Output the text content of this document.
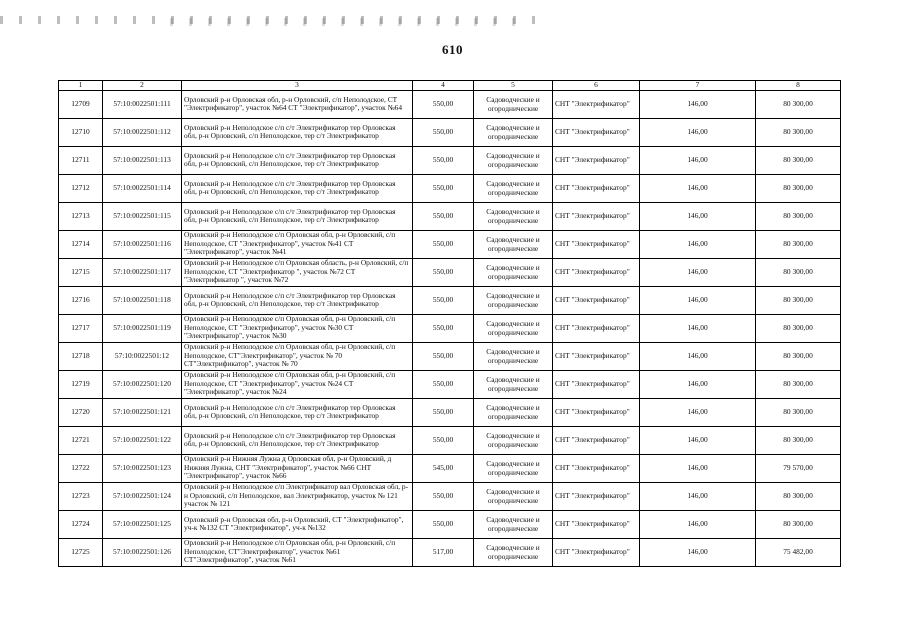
610
1	2	3	4	5	6	7	8
12709	57:10:0022501:111	Орловский р-н Орловская обл, р-н Орловский, с/п Неполодское, СТ "Электрификатор", участок №64 СТ "Электрификатор", участок №64	550,00	Садоводческие и огороднические	СНТ "Электрификатор"	146,00	80 300,00
12710	57:10:0022501:112	Орловский р-н Неполодское с/п с/т Электрификатор тер Орловская обл, р-н Орловский, с/п Неполодское, тер с/т Электрификатор	550,00	Садоводческие и огороднические	СНТ "Электрификатор"	146,00	80 300,00
12711	57:10:0022501:113	Орловский р-н Неполодское с/п с/т Электрификатор тер Орловская обл, р-н Орловский, с/п Неполодское, тер с/т Электрификатор	550,00	Садоводческие и огороднические	СНТ "Электрификатор"	146,00	80 300,00
12712	57:10:0022501:114	Орловский р-н Неполодское с/п с/т Электрификатор тер Орловская обл, р-н Орловский, с/п Неполодское, тер с/т Электрификатор	550,00	Садоводческие и огороднические	СНТ "Электрификатор"	146,00	80 300,00
12713	57:10:0022501:115	Орловский р-н Неполодское с/п с/т Электрификатор тер Орловская обл, р-н Орловский, с/п Неполодское, тер с/т Электрификатор	550,00	Садоводческие и огороднические	СНТ "Электрификатор"	146,00	80 300,00
12714	57:10:0022501:116	Орловский р-н Неполодское с/п Орловская обл, р-н Орловский, с/п Неполодское, СТ "Электрификатор", участок №41 СТ "Электрификатор", участок №41	550,00	Садоводческие и огороднические	СНТ "Электрификатор"	146,00	80 300,00
12715	57:10:0022501:117	Орловский р-н Неполодское с/п Орловская область, р-н Орловский, с/п Неполодское, СТ "Электрификатор ", участок №72 СТ "Электрификатор ", участок №72	550,00	Садоводческие и огороднические	СНТ "Электрификатор"	146,00	80 300,00
12716	57:10:0022501:118	Орловский р-н Неполодское с/п с/т Электрификатор тер Орловская обл, р-н Орловский, с/п Неполодское, тер с/т Электрификатор	550,00	Садоводческие и огороднические	СНТ "Электрификатор"	146,00	80 300,00
12717	57:10:0022501:119	Орловский р-н Неполодское с/п Орловская обл, р-н Орловский, с/п Неполодское, СТ "Электрификатор", участок №30 СТ "Электрификатор", участок №30	550,00	Садоводческие и огороднические	СНТ "Электрификатор"	146,00	80 300,00
12718	57:10:0022501:12	Орловский р-н Неполодское с/п Орловская обл, р-н Орловский, с/п Неполодское, СТ"Электрификатор", участок № 70 СТ"Электрификатор", участок № 70	550,00	Садоводческие и огороднические	СНТ "Электрификатор"	146,00	80 300,00
12719	57:10:0022501:120	Орловский р-н Неполодское с/п Орловская обл, р-н Орловский, с/п Неполодское, СТ "Электрификатор", участок №24 СТ "Электрификатор", участок №24	550,00	Садоводческие и огороднические	СНТ "Электрификатор"	146,00	80 300,00
12720	57:10:0022501:121	Орловский р-н Неполодское с/п с/т Электрификатор тер Орловская обл, р-н Орловский, с/п Неполодское, тер с/т Электрификатор	550,00	Садоводческие и огороднические	СНТ "Электрификатор"	146,00	80 300,00
12721	57:10:0022501:122	Орловский р-н Неполодское с/п с/т Электрификатор тер Орловская обл, р-н Орловский, с/п Неполодское, тер с/т Электрификатор	550,00	Садоводческие и огороднические	СНТ "Электрификатор"	146,00	80 300,00
12722	57:10:0022501:123	Орловский р-н Нижняя Лужна д Орловская обл, р-н Орловский, д Нижняя Лужна, СНТ "Электрификатор", участок №66 СНТ "Электрификатор", участок №66	545,00	Садоводческие и огороднические	СНТ "Электрификатор"	146,00	79 570,00
12723	57:10:0022501:124	Орловский р-н Неполодское с/п Электрификатор вал Орловская обл, р-н Орловский, с/п Неполодское, вал Электрификатор, участок № 121 участок № 121	550,00	Садоводческие и огороднические	СНТ "Электрификатор"	146,00	80 300,00
12724	57:10:0022501:125	Орловский р-н Орловская обл, р-н Орловский, СТ "Электрификатор", уч-к №132 СТ "Электрификатор", уч-к №132	550,00	Садоводческие и огороднические	СНТ "Электрификатор"	146,00	80 300,00
12725	57:10:0022501:126	Орловский р-н Неполодское с/п Орловская обл, р-н Орловский, с/п Неполодское, СТ"Электрификатор", участок №61 СТ"Электрификатор", участок №61	517,00	Садоводческие и огороднические	СНТ "Электрификатор"	146,00	75 482,00
